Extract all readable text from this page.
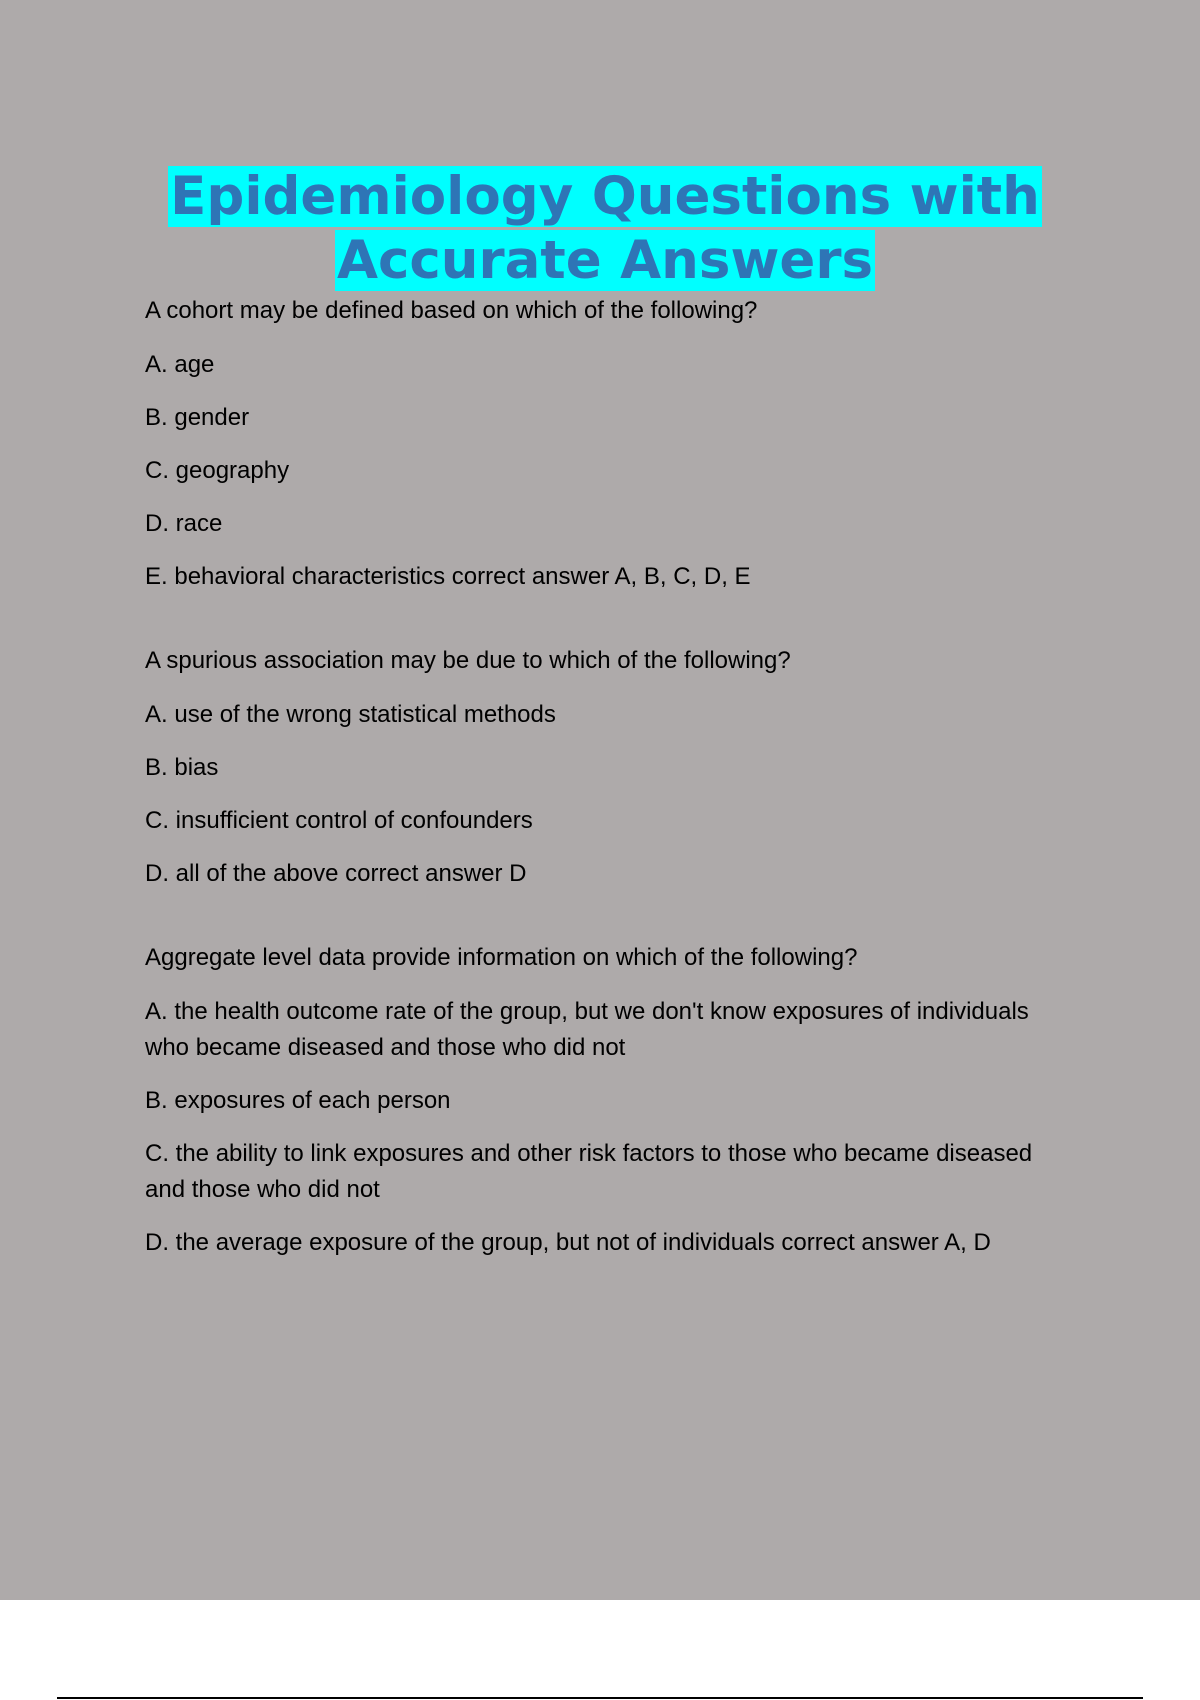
Epidemiology Questions with
Accurate Answers

A cohort may be defined based on which of the following?

A. age

B. gender

C. geography

D. race

E. behavioral characteristics correct answer A, B, C, D, E

A spurious association may be due to which of the following?

A. use of the wrong statistical methods

B. bias

C. insufficient control of confounders

D. all of the above correct answer D

Aggregate level data provide information on which of the following?

A. the health outcome rate of the group, but we don't know exposures of individuals who became diseased and those who did not

B. exposures of each person

C. the ability to link exposures and other risk factors to those who became diseased and those who did not

D. the average exposure of the group, but not of individuals correct answer A, D
